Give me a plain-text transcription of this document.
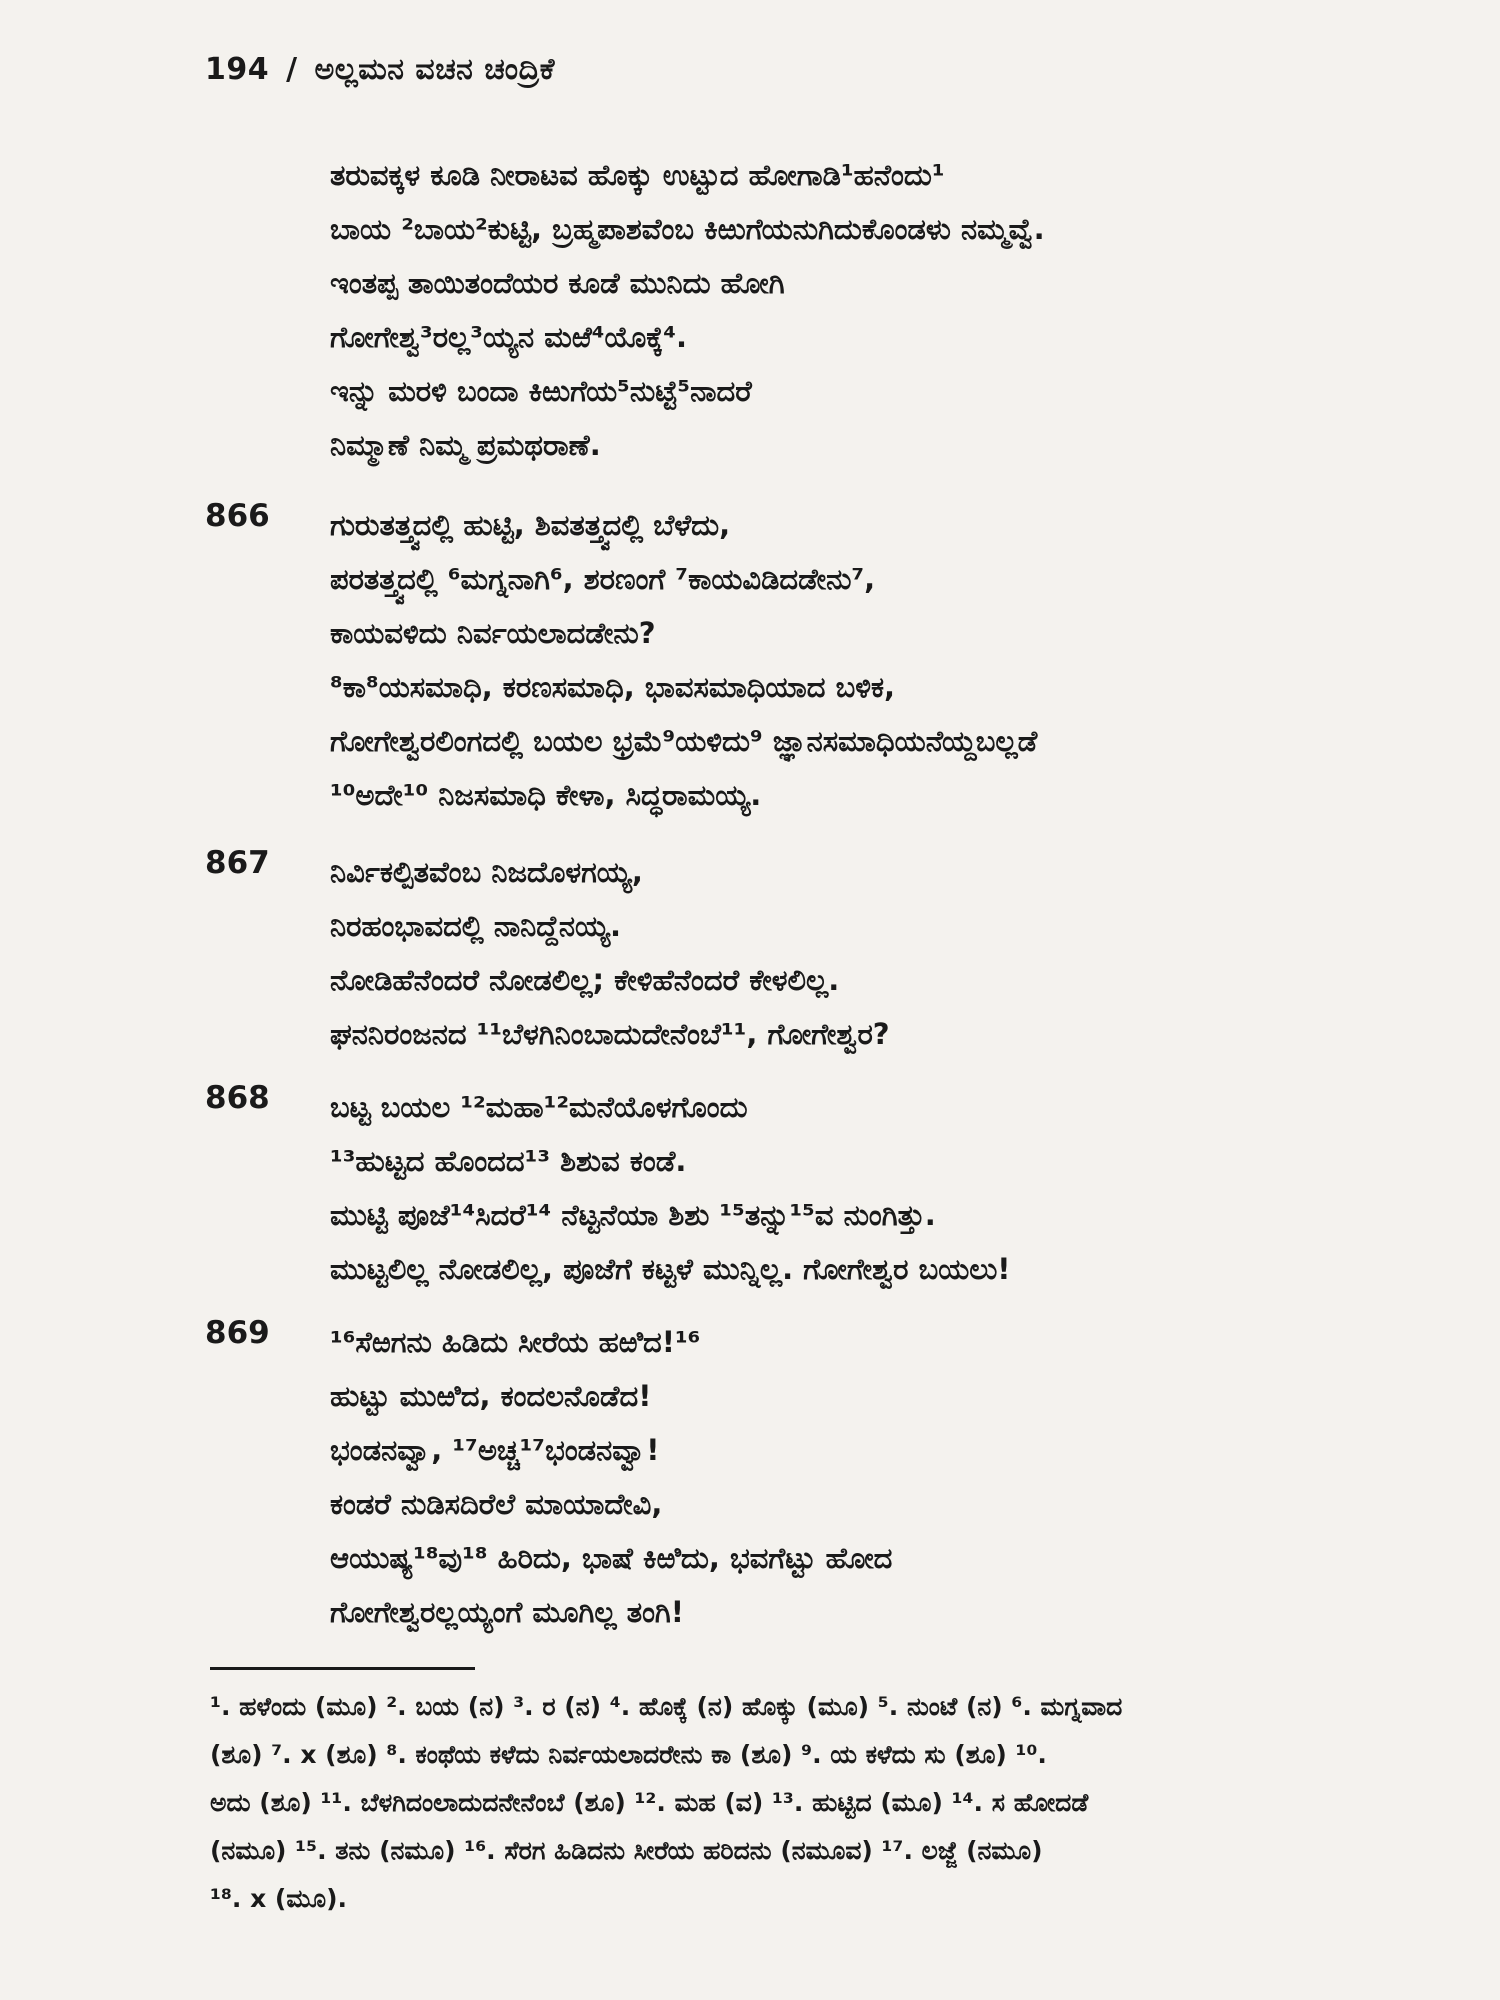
194 / ಅಲ್ಲಮನ ವಚನ ಚಂದ್ರಿಕೆ
ತರುವಕ್ಕಳ ಕೂಡಿ ನೀರಾಟವ ಹೊಕ್ಕು ಉಟ್ಟುದ ಹೋಗಾಡಿ¹ಹನೆಂದು¹
ಬಾಯ ²ಬಾಯ²ಕುಟ್ಟಿ, ಬ್ರಹ್ಮಪಾಶವೆಂಬ ಕಿಱುಗೆಯನುಗಿದುಕೊಂಡಳು ನಮ್ಮವ್ವೆ.
ಇಂತಪ್ಪ ತಾಯಿತಂದೆಯರ ಕೂಡೆ ಮುನಿದು ಹೋಗಿ
ಗೋಗೇಶ್ವ³ರಲ್ಲ³ಯ್ಯನ ಮಱೆ⁴ಯೊಕ್ಕೆ⁴.
ಇನ್ನು ಮರಳಿ ಬಂದಾ ಕಿಱುಗೆಯ⁵ನುಟ್ಟೆ⁵ನಾದರೆ
ನಿಮ್ಮಾಣೆ ನಿಮ್ಮ ಪ್ರಮಥರಾಣೆ.
866 ಗುರುತತ್ತ್ವದಲ್ಲಿ ಹುಟ್ಟಿ, ಶಿವತತ್ತ್ವದಲ್ಲಿ ಬೆಳೆದು,
ಪರತತ್ತ್ವದಲ್ಲಿ ⁶ಮಗ್ನನಾಗಿ⁶, ಶರಣಂಗೆ ⁷ಕಾಯವಿಡಿದಡೇನು⁷,
ಕಾಯವಳಿದು ನಿರ್ವಯಲಾದಡೇನು?
⁸ಕಾ⁸ಯಸಮಾಧಿ, ಕರಣಸಮಾಧಿ, ಭಾವಸಮಾಧಿಯಾದ ಬಳಿಕ,
ಗೋಗೇಶ್ವರಲಿಂಗದಲ್ಲಿ ಬಯಲ ಭ್ರಮೆ⁹ಯಳಿದು⁹ ಜ್ಞಾನಸಮಾಧಿಯನೆಯ್ದಬಲ್ಲಡೆ
¹⁰ಅದೇ¹⁰ ನಿಜಸಮಾಧಿ ಕೇಳಾ, ಸಿದ್ಧರಾಮಯ್ಯ.
867 ನಿರ್ವಿಕಲ್ಪಿತವೆಂಬ ನಿಜದೊಳಗಯ್ಯ,
ನಿರಹಂಭಾವದಲ್ಲಿ ನಾನಿದ್ದೆನಯ್ಯ.
ನೋಡಿಹೆನೆಂದರೆ ನೋಡಲಿಲ್ಲ; ಕೇಳಿಹೆನೆಂದರೆ ಕೇಳಲಿಲ್ಲ.
ಘನನಿರಂಜನದ ¹¹ಬೆಳಗಿನಿಂಬಾದುದೇನೆಂಬೆ¹¹, ಗೋಗೇಶ್ವರ?
868 ಬಟ್ಟ ಬಯಲ ¹²ಮಹಾ¹²ಮನೆಯೊಳಗೊಂದು
¹³ಹುಟ್ಟದ ಹೊಂದದ¹³ ಶಿಶುವ ಕಂಡೆ.
ಮುಟ್ಟಿ ಪೂಜೆ¹⁴ಸಿದರೆ¹⁴ ನೆಟ್ಟನೆಯಾ ಶಿಶು ¹⁵ತನ್ನು¹⁵ವ ನುಂಗಿತ್ತು.
ಮುಟ್ಟಲಿಲ್ಲ ನೋಡಲಿಲ್ಲ, ಪೂಜೆಗೆ ಕಟ್ಟಳೆ ಮುನ್ನಿಲ್ಲ. ಗೋಗೇಶ್ವರ ಬಯಲು!
869 ¹⁶ಸೆಱಗನು ಹಿಡಿದು ಸೀರೆಯ ಹಱಿದ!¹⁶
ಹುಟ್ಟು ಮುಱಿದ, ಕಂದಲನೊಡೆದ!
ಭಂಡನವ್ವಾ, ¹⁷ಅಚ್ಚ¹⁷ಭಂಡನವ್ವಾ!
ಕಂಡರೆ ನುಡಿಸದಿರೆಲೆ ಮಾಯಾದೇವಿ,
ಆಯುಷ್ಯ¹⁸ವು¹⁸ ಹಿರಿದು, ಭಾಷೆ ಕಿಱಿದು, ಭವಗೆಟ್ಟು ಹೋದ
ಗೋಗೇಶ್ವರಲ್ಲಯ್ಯಂಗೆ ಮೂಗಿಲ್ಲ ತಂಗಿ!
¹. ಹಳೆಂದು (ಮೂ) ². ಬಯ (ನ) ³. ರ (ನ) ⁴. ಹೊಕ್ಕೆ (ನ) ಹೊಕ್ಕು (ಮೂ) ⁵. ನುಂಟೆ (ನ) ⁶. ಮಗ್ನವಾದ
(ಶೂ) ⁷. x (ಶೂ) ⁸. ಕಂಥೆಯ ಕಳೆದು ನಿರ್ವಯಲಾದರೇನು ಕಾ (ಶೂ) ⁹. ಯ ಕಳೆದು ಸು (ಶೂ) ¹⁰.
ಅದು (ಶೂ) ¹¹. ಬೆಳಗಿದಂಲಾದುದನೇನೆಂಬೆ (ಶೂ) ¹². ಮಹ (ವ) ¹³. ಹುಟ್ಟಿದ (ಮೂ) ¹⁴. ಸ ಹೋದಡೆ
(ನಮೂ) ¹⁵. ತನು (ನಮೂ) ¹⁶. ಸೆರಗ ಹಿಡಿದನು ಸೀರೆಯ ಹರಿದನು (ನಮೂವ) ¹⁷. ಲಜ್ಜೆ (ನಮೂ)
¹⁸. x (ಮೂ).
